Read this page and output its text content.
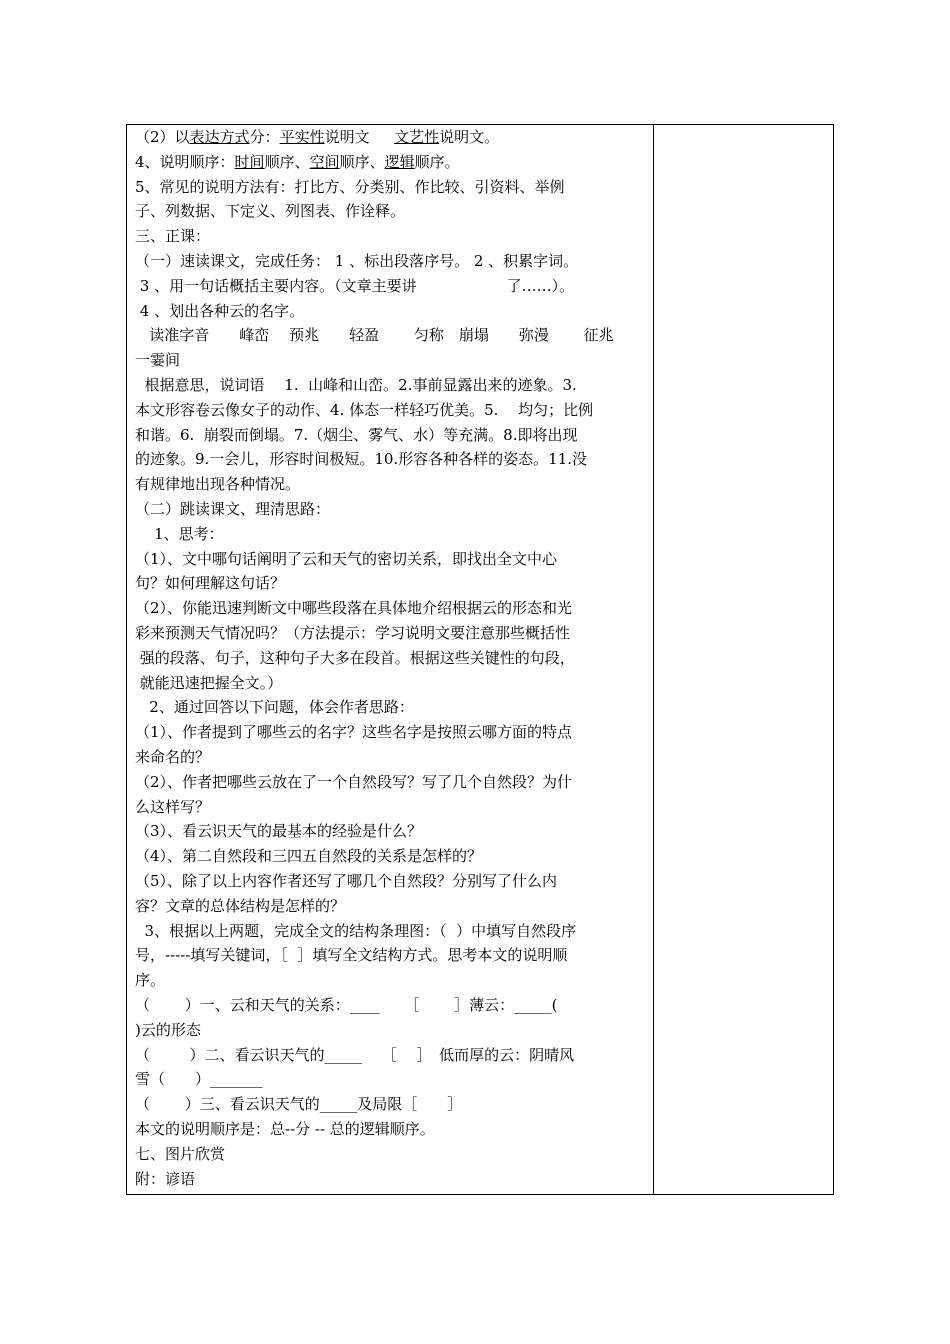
（2）以表达方式分：平实性说明文 　 文艺性说明文。
4、说明顺序：时间顺序、空间顺序、逻辑顺序。
5、常见的说明方法有：打比方、分类别、作比较、引资料、举例
子、列数据、下定义、列图表、作诠释。
三、正课：
（一）速读课文，完成任务： 1 、标出段落序号。 2 、积累字词。
3 、用一句话概括主要内容。（文章主要讲　　　　　　了……）。
4 、划出各种云的名字。
读准字音　　峰峦　 预兆　　轻盈　　 匀称　崩塌　　弥漫　　 征兆
一霎间
根据意思，说词语　 1.  山峰和山峦。2.事前显露出来的迹象。3.
本文形容卷云像女子的动作、4. 体态一样轻巧优美。5.　 均匀；比例
和谐。6.  崩裂而倒塌。7.（烟尘、雾气、水）等充满。8.即将出现
的迹象。9.一会儿，形容时间极短。10.形容各种各样的姿态。11.没
有规律地出现各种情况。
（二）跳读课文、理清思路：
1、思考：
（1）、文中哪句话阐明了云和天气的密切关系，即找出全文中心
句？如何理解这句话？
（2）、你能迅速判断文中哪些段落在具体地介绍根据云的形态和光
彩来预测天气情况吗？（方法提示：学习说明文要注意那些概括性
强的段落、句子，这种句子大多在段首。根据这些关键性的句段，
就能迅速把握全文。）
2、通过回答以下问题，体会作者思路：
（1）、作者提到了哪些云的名字？这些名字是按照云哪方面的特点
来命名的？
（2）、作者把哪些云放在了一个自然段写？写了几个自然段？为什
么这样写？
（3）、看云识天气的最基本的经验是什么？
（4）、第二自然段和三四五自然段的关系是怎样的？
（5）、除了以上内容作者还写了哪几个自然段？分别写了什么内
容？文章的总体结构是怎样的？
3、根据以上两题，完成全文的结构条理图：（  ）中填写自然段序
号，-----填写关键词，［  ］填写全文结构方式。思考本文的说明顺
序。
（　　 ）一、云和天气的关系：____　  ［　　 ］薄云：_____(
)云的形态
（　　  ）二、看云识天气的_____　 ［　 ］　低而厚的云：阴晴风
雪（　　）_______
（　　 ）三、看云识天气的_____及局限［　　］
本文的说明顺序是：总--分 -- 总的逻辑顺序。
七、图片欣赏
附：谚语
